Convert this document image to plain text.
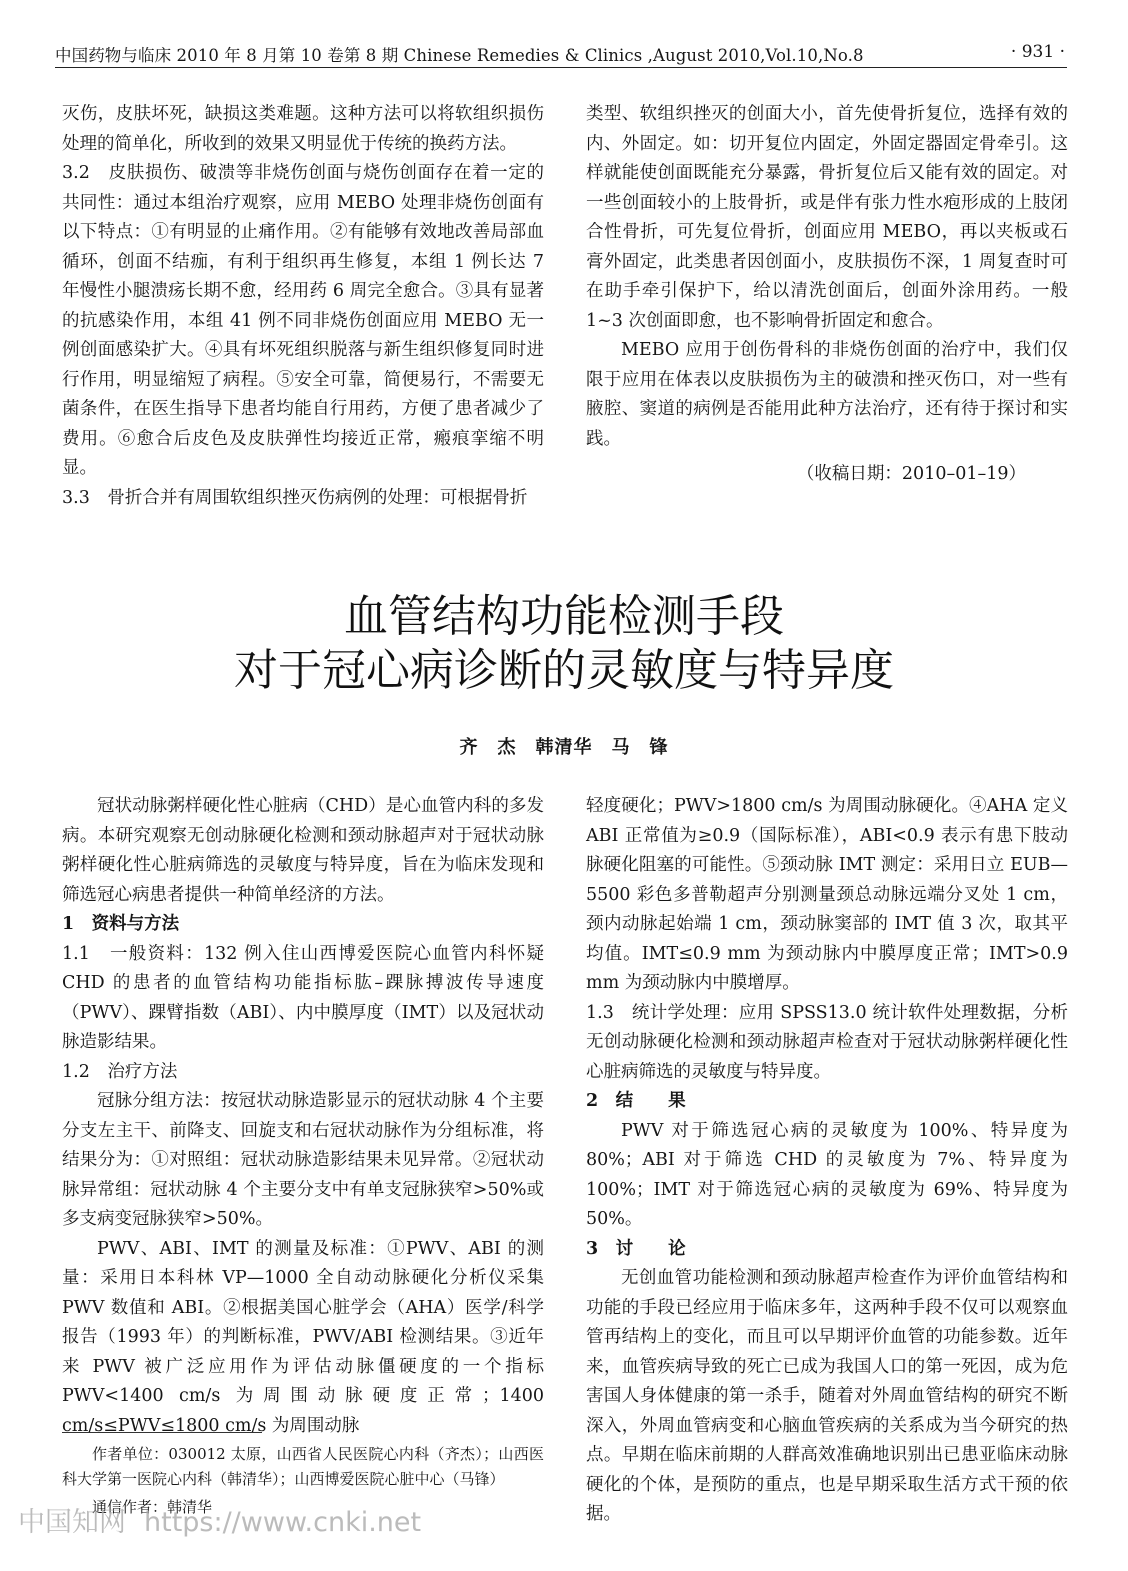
中国药物与临床 2010 年 8 月第 10 卷第 8 期 Chinese Remedies & Clinics ,August 2010,Vol.10,No.8	· 931 ·

灭伤，皮肤坏死，缺损这类难题。这种方法可以将软组织损伤处理的简单化，所收到的效果又明显优于传统的换药方法。

3.2　皮肤损伤、破溃等非烧伤创面与烧伤创面存在着一定的共同性：通过本组治疗观察，应用 MEBO 处理非烧伤创面有以下特点：①有明显的止痛作用。②有能够有效地改善局部血循环，创面不结痂，有利于组织再生修复，本组 1 例长达 7 年慢性小腿溃疡长期不愈，经用药 6 周完全愈合。③具有显著的抗感染作用，本组 41 例不同非烧伤创面应用 MEBO 无一例创面感染扩大。④具有坏死组织脱落与新生组织修复同时进行作用，明显缩短了病程。⑤安全可靠，简便易行，不需要无菌条件，在医生指导下患者均能自行用药，方便了患者减少了费用。⑥愈合后皮色及皮肤弹性均接近正常，瘢痕挛缩不明显。

3.3　骨折合并有周围软组织挫灭伤病例的处理：可根据骨折

类型、软组织挫灭的创面大小，首先使骨折复位，选择有效的内、外固定。如：切开复位内固定，外固定器固定骨牵引。这样就能使创面既能充分暴露，骨折复位后又能有效的固定。对一些创面较小的上肢骨折，或是伴有张力性水疱形成的上肢闭合性骨折，可先复位骨折，创面应用 MEBO，再以夹板或石膏外固定，此类患者因创面小，皮肤损伤不深，1 周复查时可在助手牵引保护下，给以清洗创面后，创面外涂用药。一般 1~3 次创面即愈，也不影响骨折固定和愈合。

MEBO 应用于创伤骨科的非烧伤创面的治疗中，我们仅限于应用在体表以皮肤损伤为主的破溃和挫灭伤口，对一些有腋腔、窦道的病例是否能用此种方法治疗，还有待于探讨和实践。

（收稿日期：2010–01–19）

血管结构功能检测手段
对于冠心病诊断的灵敏度与特异度
齐　杰　韩清华　马　锋

冠状动脉粥样硬化性心脏病（CHD）是心血管内科的多发病。本研究观察无创动脉硬化检测和颈动脉超声对于冠状动脉粥样硬化性心脏病筛选的灵敏度与特异度，旨在为临床发现和筛选冠心病患者提供一种简单经济的方法。

1　资料与方法

1.1　一般资料：132 例入住山西博爱医院心血管内科怀疑 CHD 的患者的血管结构功能指标肱–踝脉搏波传导速度（PWV）、踝臂指数（ABI）、内中膜厚度（IMT）以及冠状动脉造影结果。

1.2　治疗方法

冠脉分组方法：按冠状动脉造影显示的冠状动脉 4 个主要分支左主干、前降支、回旋支和右冠状动脉作为分组标准，将结果分为：①对照组：冠状动脉造影结果未见异常。②冠状动脉异常组：冠状动脉 4 个主要分支中有单支冠脉狭窄>50%或多支病变冠脉狭窄>50%。

PWV、ABI、IMT 的测量及标准：①PWV、ABI 的测量：采用日本科林 VP—1000 全自动动脉硬化分析仪采集 PWV 数值和 ABI。②根据美国心脏学会（AHA）医学/科学报告（1993 年）的判断标准，PWV/ABI 检测结果。③近年来 PWV 被广泛应用作为评估动脉僵硬度的一个指标 PWV<1400 cm/s 为周围动脉硬度正常；1400 cm/s≤PWV≤1800 cm/s 为周围动脉

轻度硬化；PWV>1800 cm/s 为周围动脉硬化。④AHA 定义 ABI 正常值为≥0.9（国际标准），ABI<0.9 表示有患下肢动脉硬化阻塞的可能性。⑤颈动脉 IMT 测定：采用日立 EUB—5500 彩色多普勒超声分别测量颈总动脉远端分叉处 1 cm，颈内动脉起始端 1 cm，颈动脉窦部的 IMT 值 3 次，取其平均值。IMT≤0.9 mm 为颈动脉内中膜厚度正常；IMT>0.9 mm 为颈动脉内中膜增厚。

1.3　统计学处理：应用 SPSS13.0 统计软件处理数据，分析无创动脉硬化检测和颈动脉超声检查对于冠状动脉粥样硬化性心脏病筛选的灵敏度与特异度。

2　结　　果

PWV 对于筛选冠心病的灵敏度为 100%、特异度为 80%；ABI 对于筛选 CHD 的灵敏度为 7%、特异度为 100%；IMT 对于筛选冠心病的灵敏度为 69%、特异度为 50%。

3　讨　　论

无创血管功能检测和颈动脉超声检查作为评价血管结构和功能的手段已经应用于临床多年，这两种手段不仅可以观察血管再结构上的变化，而且可以早期评价血管的功能参数。近年来，血管疾病导致的死亡已成为我国人口的第一死因，成为危害国人身体健康的第一杀手，随着对外周血管结构的研究不断深入，外周血管病变和心脑血管疾病的关系成为当今研究的热点。早期在临床前期的人群高效准确地识别出已患亚临床动脉硬化的个体，是预防的重点，也是早期采取生活方式干预的依据。

作者单位：030012 太原，山西省人民医院心内科（齐杰）；山西医科大学第一医院心内科（韩清华）；山西博爱医院心脏中心（马锋）
通信作者：韩清华
中国知网 https://www.cnki.net
